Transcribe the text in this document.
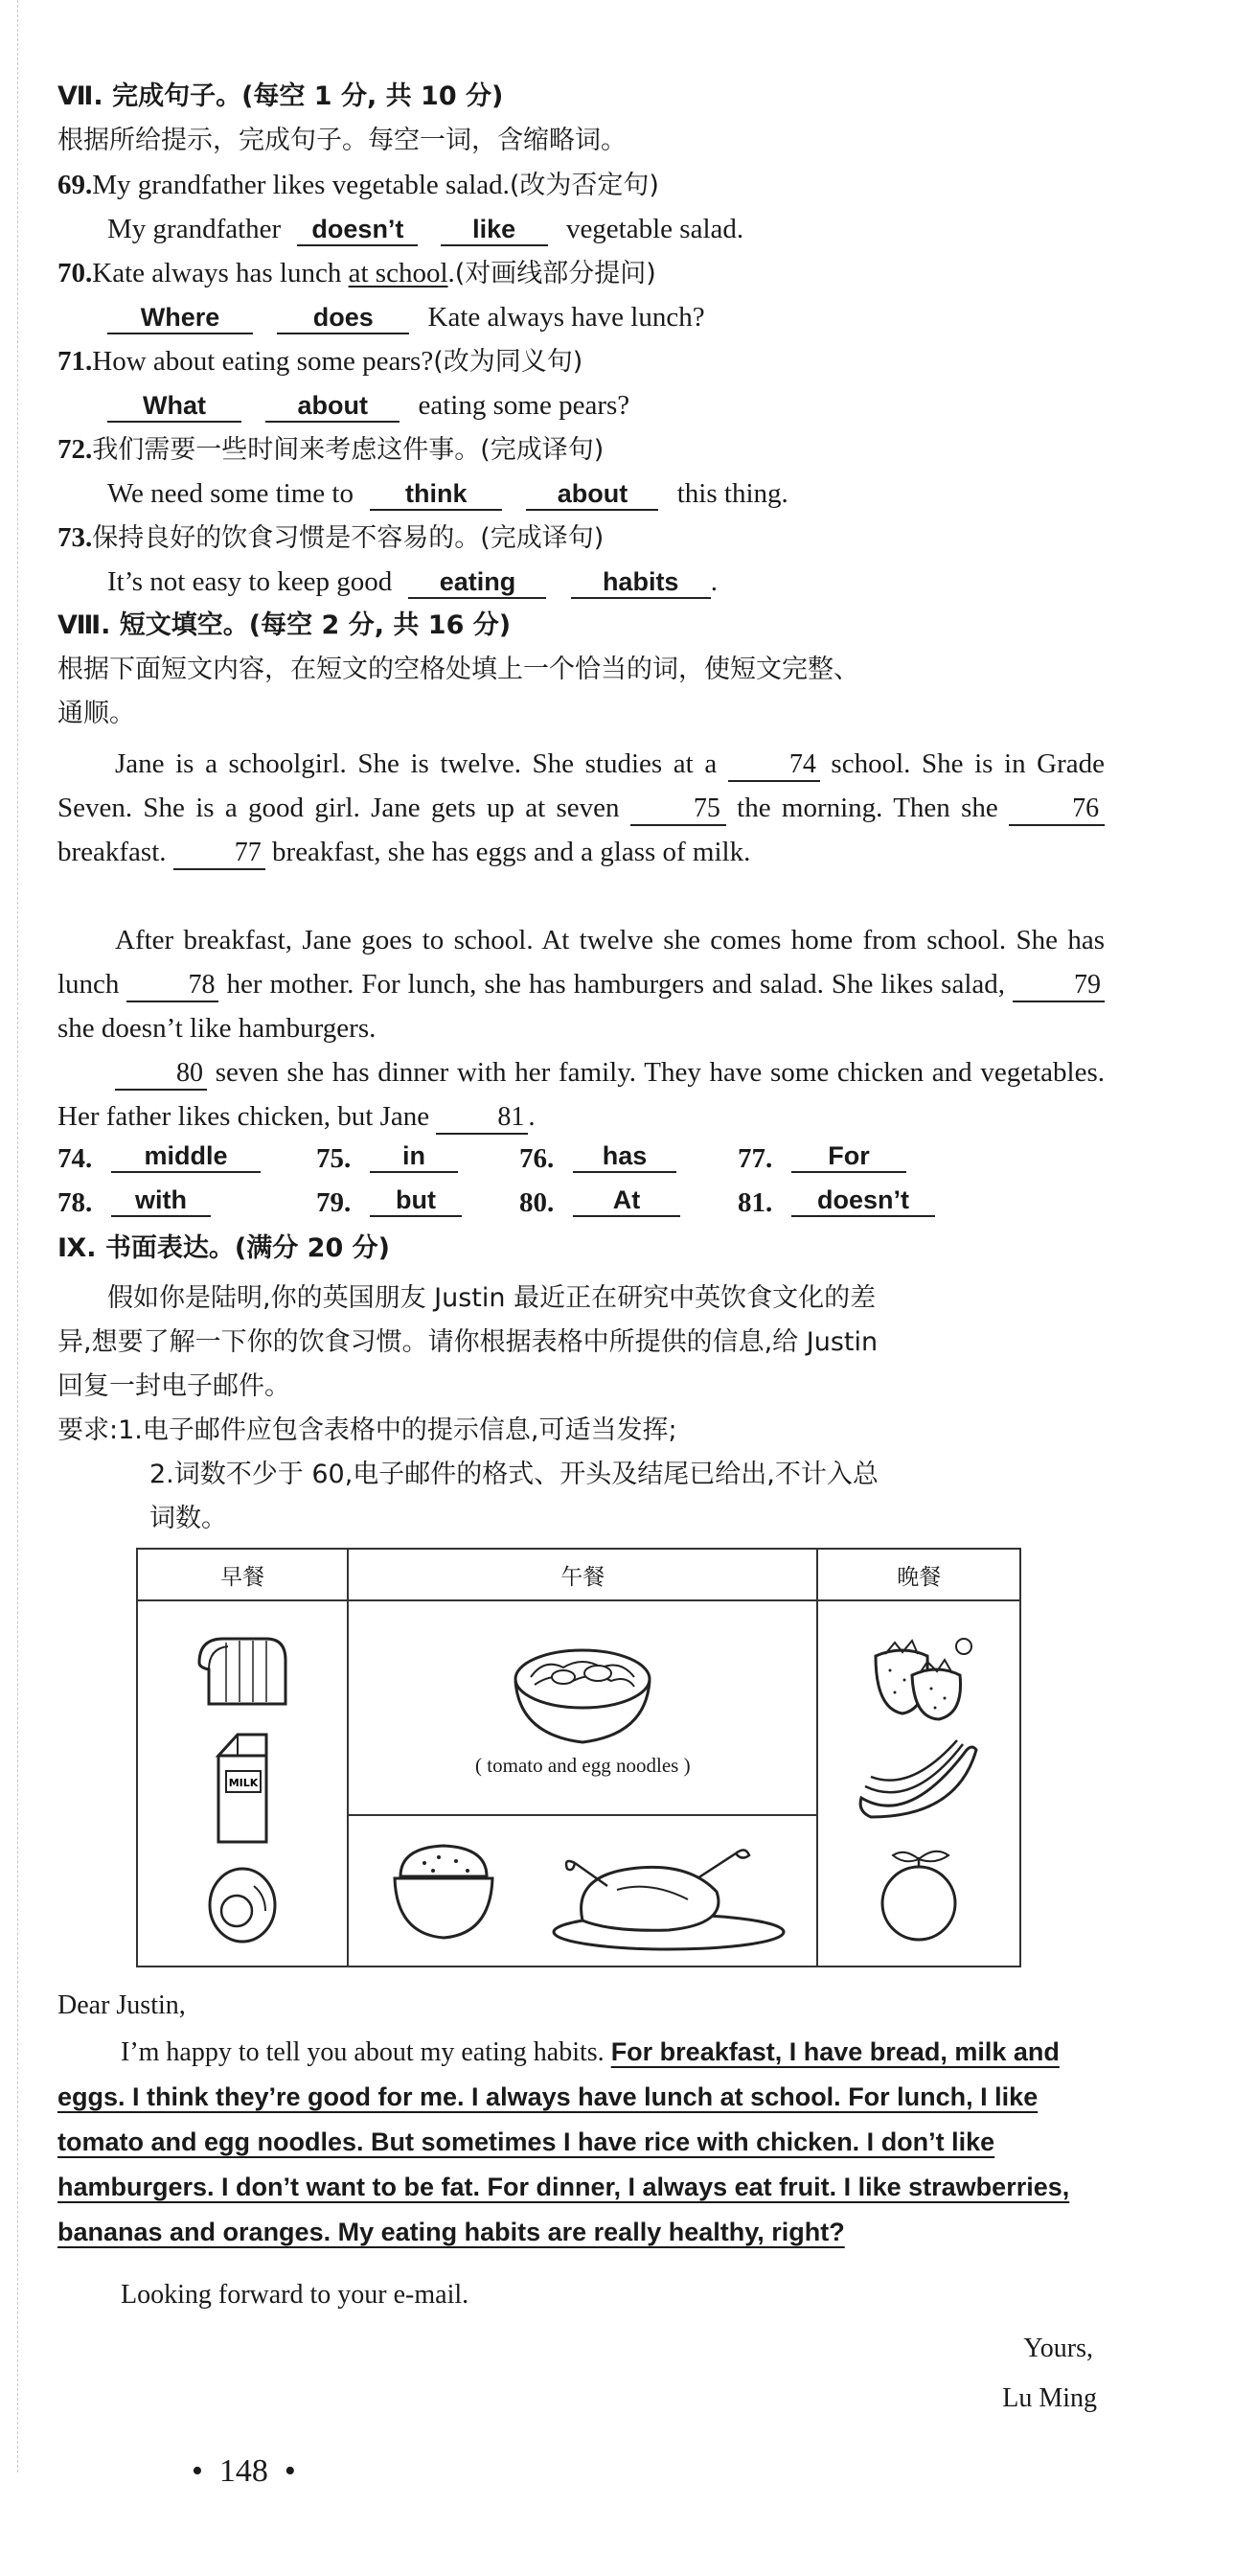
Ⅶ. 完成句子。(每空 1 分, 共 10 分)
根据所给提示，完成句子。每空一词，含缩略词。
69.My grandfather likes vegetable salad.(改为否定句)
My grandfather doesn’t	like vegetable salad.
70.Kate always has lunch at school.(对画线部分提问)
Where	does Kate always have lunch?
71.How about eating some pears?(改为同义句)
What	about eating some pears?
72.我们需要一些时间来考虑这件事。(完成译句)
We need some time to think	about this thing.
73.保持良好的饮食习惯是不容易的。(完成译句)
It’s not easy to keep good eating	habits .
Ⅷ. 短文填空。(每空 2 分, 共 16 分)
根据下面短文内容，在短文的空格处填上一个恰当的词，使短文完整、
通顺。
Jane is a schoolgirl. She is twelve. She studies at a	74 school. She is in Grade Seven. She is a good girl. Jane gets up at seven	75 the morning. Then she	76 breakfast.	77 breakfast, she has eggs and a glass of milk.
After breakfast, Jane goes to school. At twelve she comes home from school. She has lunch	78 her mother. For lunch, she has hamburgers and salad. She likes salad,	79 she doesn’t like hamburgers.
80 seven she has dinner with her family. They have some chicken and vegetables. Her father likes chicken, but Jane	81 .
74.	middle	75.	in	76.	has	77.	For
78.	with	79.	but	80.	At	81.	doesn’t
Ⅸ. 书面表达。(满分 20 分)
假如你是陆明,你的英国朋友 Justin 最近正在研究中英饮食文化的差
异,想要了解一下你的饮食习惯。请你根据表格中所提供的信息,给 Justin
回复一封电子邮件。
要求:1.电子邮件应包含表格中的提示信息,可适当发挥;
2.词数不少于 60,电子邮件的格式、开头及结尾已给出,不计入总
词数。
早餐	午餐	晚餐

MILK	( tomato and egg noodles )

Dear Justin,
I’m happy to tell you about my eating habits. For breakfast, I have bread, milk and eggs. I think they’re good for me. I always have lunch at school. For lunch, I like tomato and egg noodles. But sometimes I have rice with chicken. I don’t like hamburgers. I don’t want to be fat. For dinner, I always eat fruit. I like strawberries, bananas and oranges. My eating habits are really healthy, right?
Looking forward to your e-mail.
Yours,
Lu Ming
•  148  •
